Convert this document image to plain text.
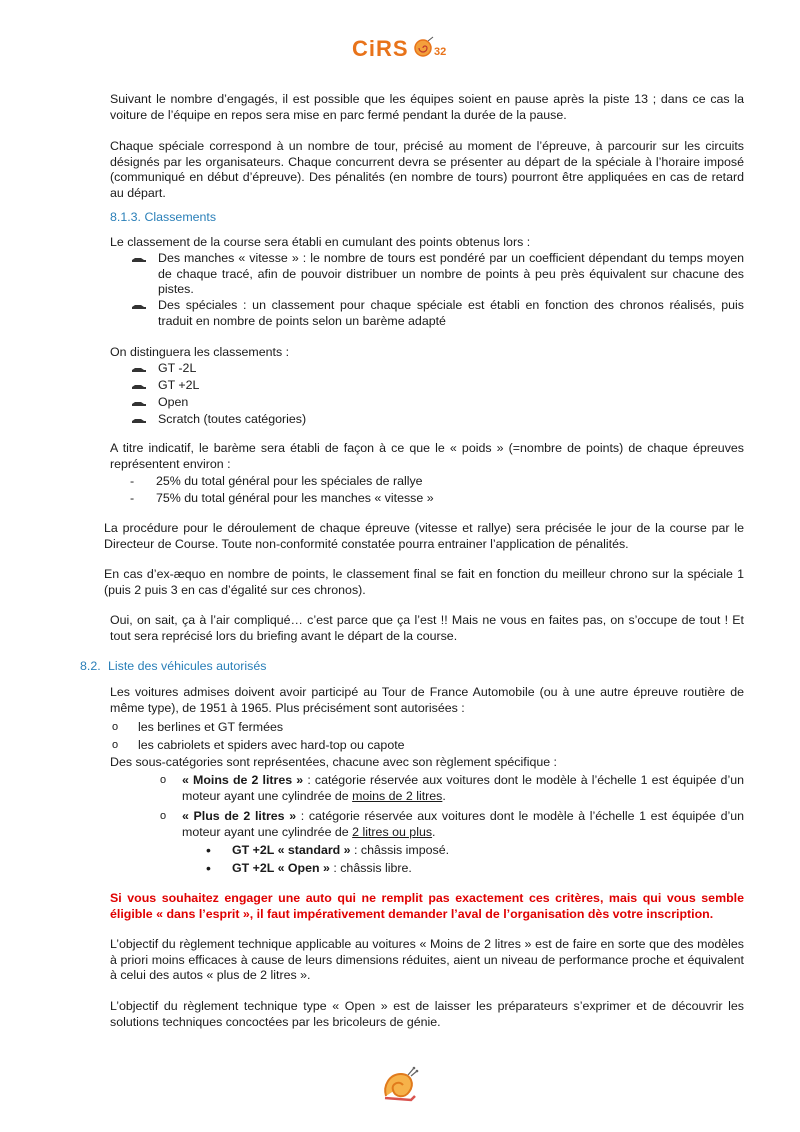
CiRS 32

Suivant le nombre d’engagés, il est possible que les équipes soient en pause après la piste 13 ; dans ce cas la voiture de l’équipe en repos sera mise en parc fermé pendant la durée de la pause.

Chaque spéciale correspond à un nombre de tour, précisé au moment de l’épreuve, à parcourir sur les circuits désignés par les organisateurs. Chaque concurrent devra se présenter au départ de la spéciale à l’horaire imposé (communiqué en début d’épreuve). Des pénalités (en nombre de tours) pourront être appliquées en cas de retard au départ.

8.1.3. Classements

Le classement de la course sera établi en cumulant des points obtenus lors :

Des manches « vitesse » : le nombre de tours est pondéré par un coefficient dépendant du temps moyen de chaque tracé, afin de pouvoir distribuer un nombre de points à peu près équivalent sur chacune des pistes.
Des spéciales : un classement pour chaque spéciale est établi en fonction des chronos réalisés, puis traduit en nombre de points selon un barème adapté

On distinguera les classements :

GT -2L
GT +2L
Open
Scratch (toutes catégories)

A titre indicatif, le barème sera établi de façon à ce que le « poids » (=nombre de points) de chaque épreuves représentent environ :

- 25% du total général pour les spéciales de rallye
- 75% du total général pour les manches « vitesse »

La procédure pour le déroulement de chaque épreuve (vitesse et rallye) sera précisée le jour de la course par le Directeur de Course. Toute non-conformité constatée pourra entrainer l’application de pénalités.

En cas d’ex-æquo en nombre de points, le classement final se fait en fonction du meilleur chrono sur la spéciale 1 (puis 2 puis 3 en cas d’égalité sur ces chronos).

Oui, on sait, ça à l’air compliqué… c’est parce que ça l’est !! Mais ne vous en faites pas, on s’occupe de tout ! Et tout sera reprécisé lors du briefing avant le départ de la course.

8.2. Liste des véhicules autorisés

Les voitures admises doivent avoir participé au Tour de France Automobile (ou à une autre épreuve routière de même type), de 1951 à 1965. Plus précisément sont autorisées :

o les berlines et GT fermées
o les cabriolets et spiders avec hard-top ou capote

Des sous-catégories sont représentées, chacune avec son règlement spécifique :

o « Moins de 2 litres » : catégorie réservée aux voitures dont le modèle à l’échelle 1 est équipée d’un moteur ayant une cylindrée de moins de 2 litres.
o « Plus de 2 litres » : catégorie réservée aux voitures dont le modèle à l’échelle 1 est équipée d’un moteur ayant une cylindrée de 2 litres ou plus.
• GT +2L « standard » : châssis imposé.
• GT +2L « Open » : châssis libre.

Si vous souhaitez engager une auto qui ne remplit pas exactement ces critères, mais qui vous semble éligible « dans l’esprit », il faut impérativement demander l’aval de l’organisation dès votre inscription.

L’objectif du règlement technique applicable au voitures « Moins de 2 litres » est de faire en sorte que des modèles à priori moins efficaces à cause de leurs dimensions réduites, aient un niveau de performance proche et équivalent à celui des autos « plus de 2 litres ».

L’objectif du règlement technique type « Open » est de laisser les préparateurs s’exprimer et de découvrir les solutions techniques concoctées par les bricoleurs de génie.
